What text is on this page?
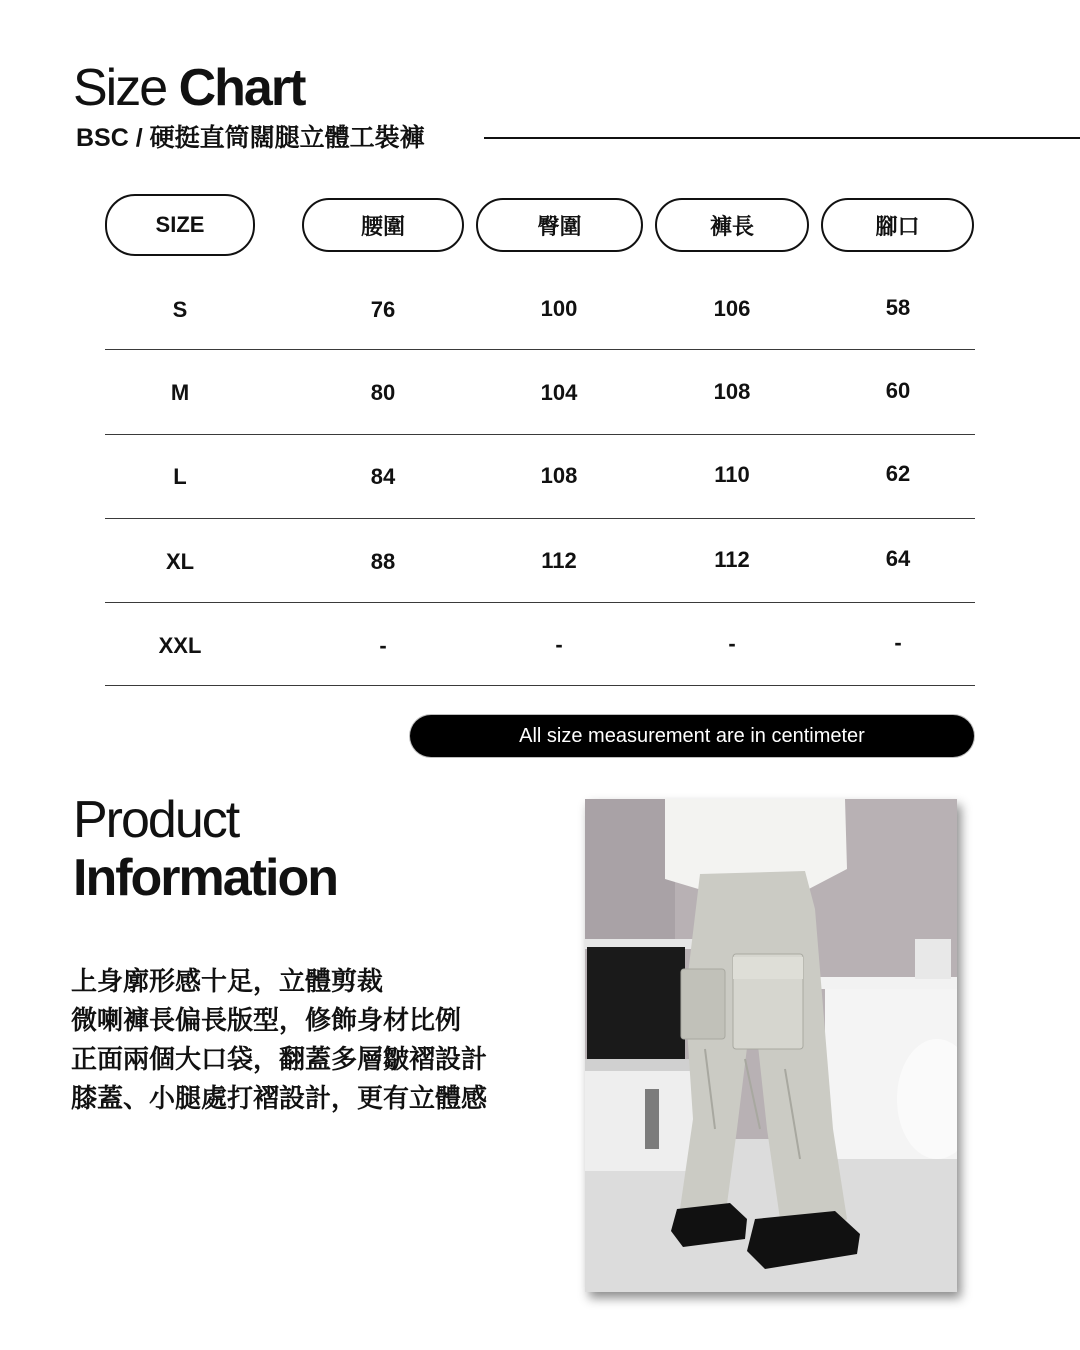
Size Chart
BSC / 硬挺直筒闊腿立體工裝褲
SIZE	腰圍	臀圍	褲長	腳口
S	76	100	106	58
M	80	104	108	60
L	84	108	110	62
XL	88	112	112	64
XXL	-	-	-	-
All size measurement are in centimeter
Product
Information
上身廓形感十足，立體剪裁
微喇褲長偏長版型，修飾身材比例
正面兩個大口袋，翻蓋多層皺褶設計
膝蓋、小腿處打褶設計，更有立體感
